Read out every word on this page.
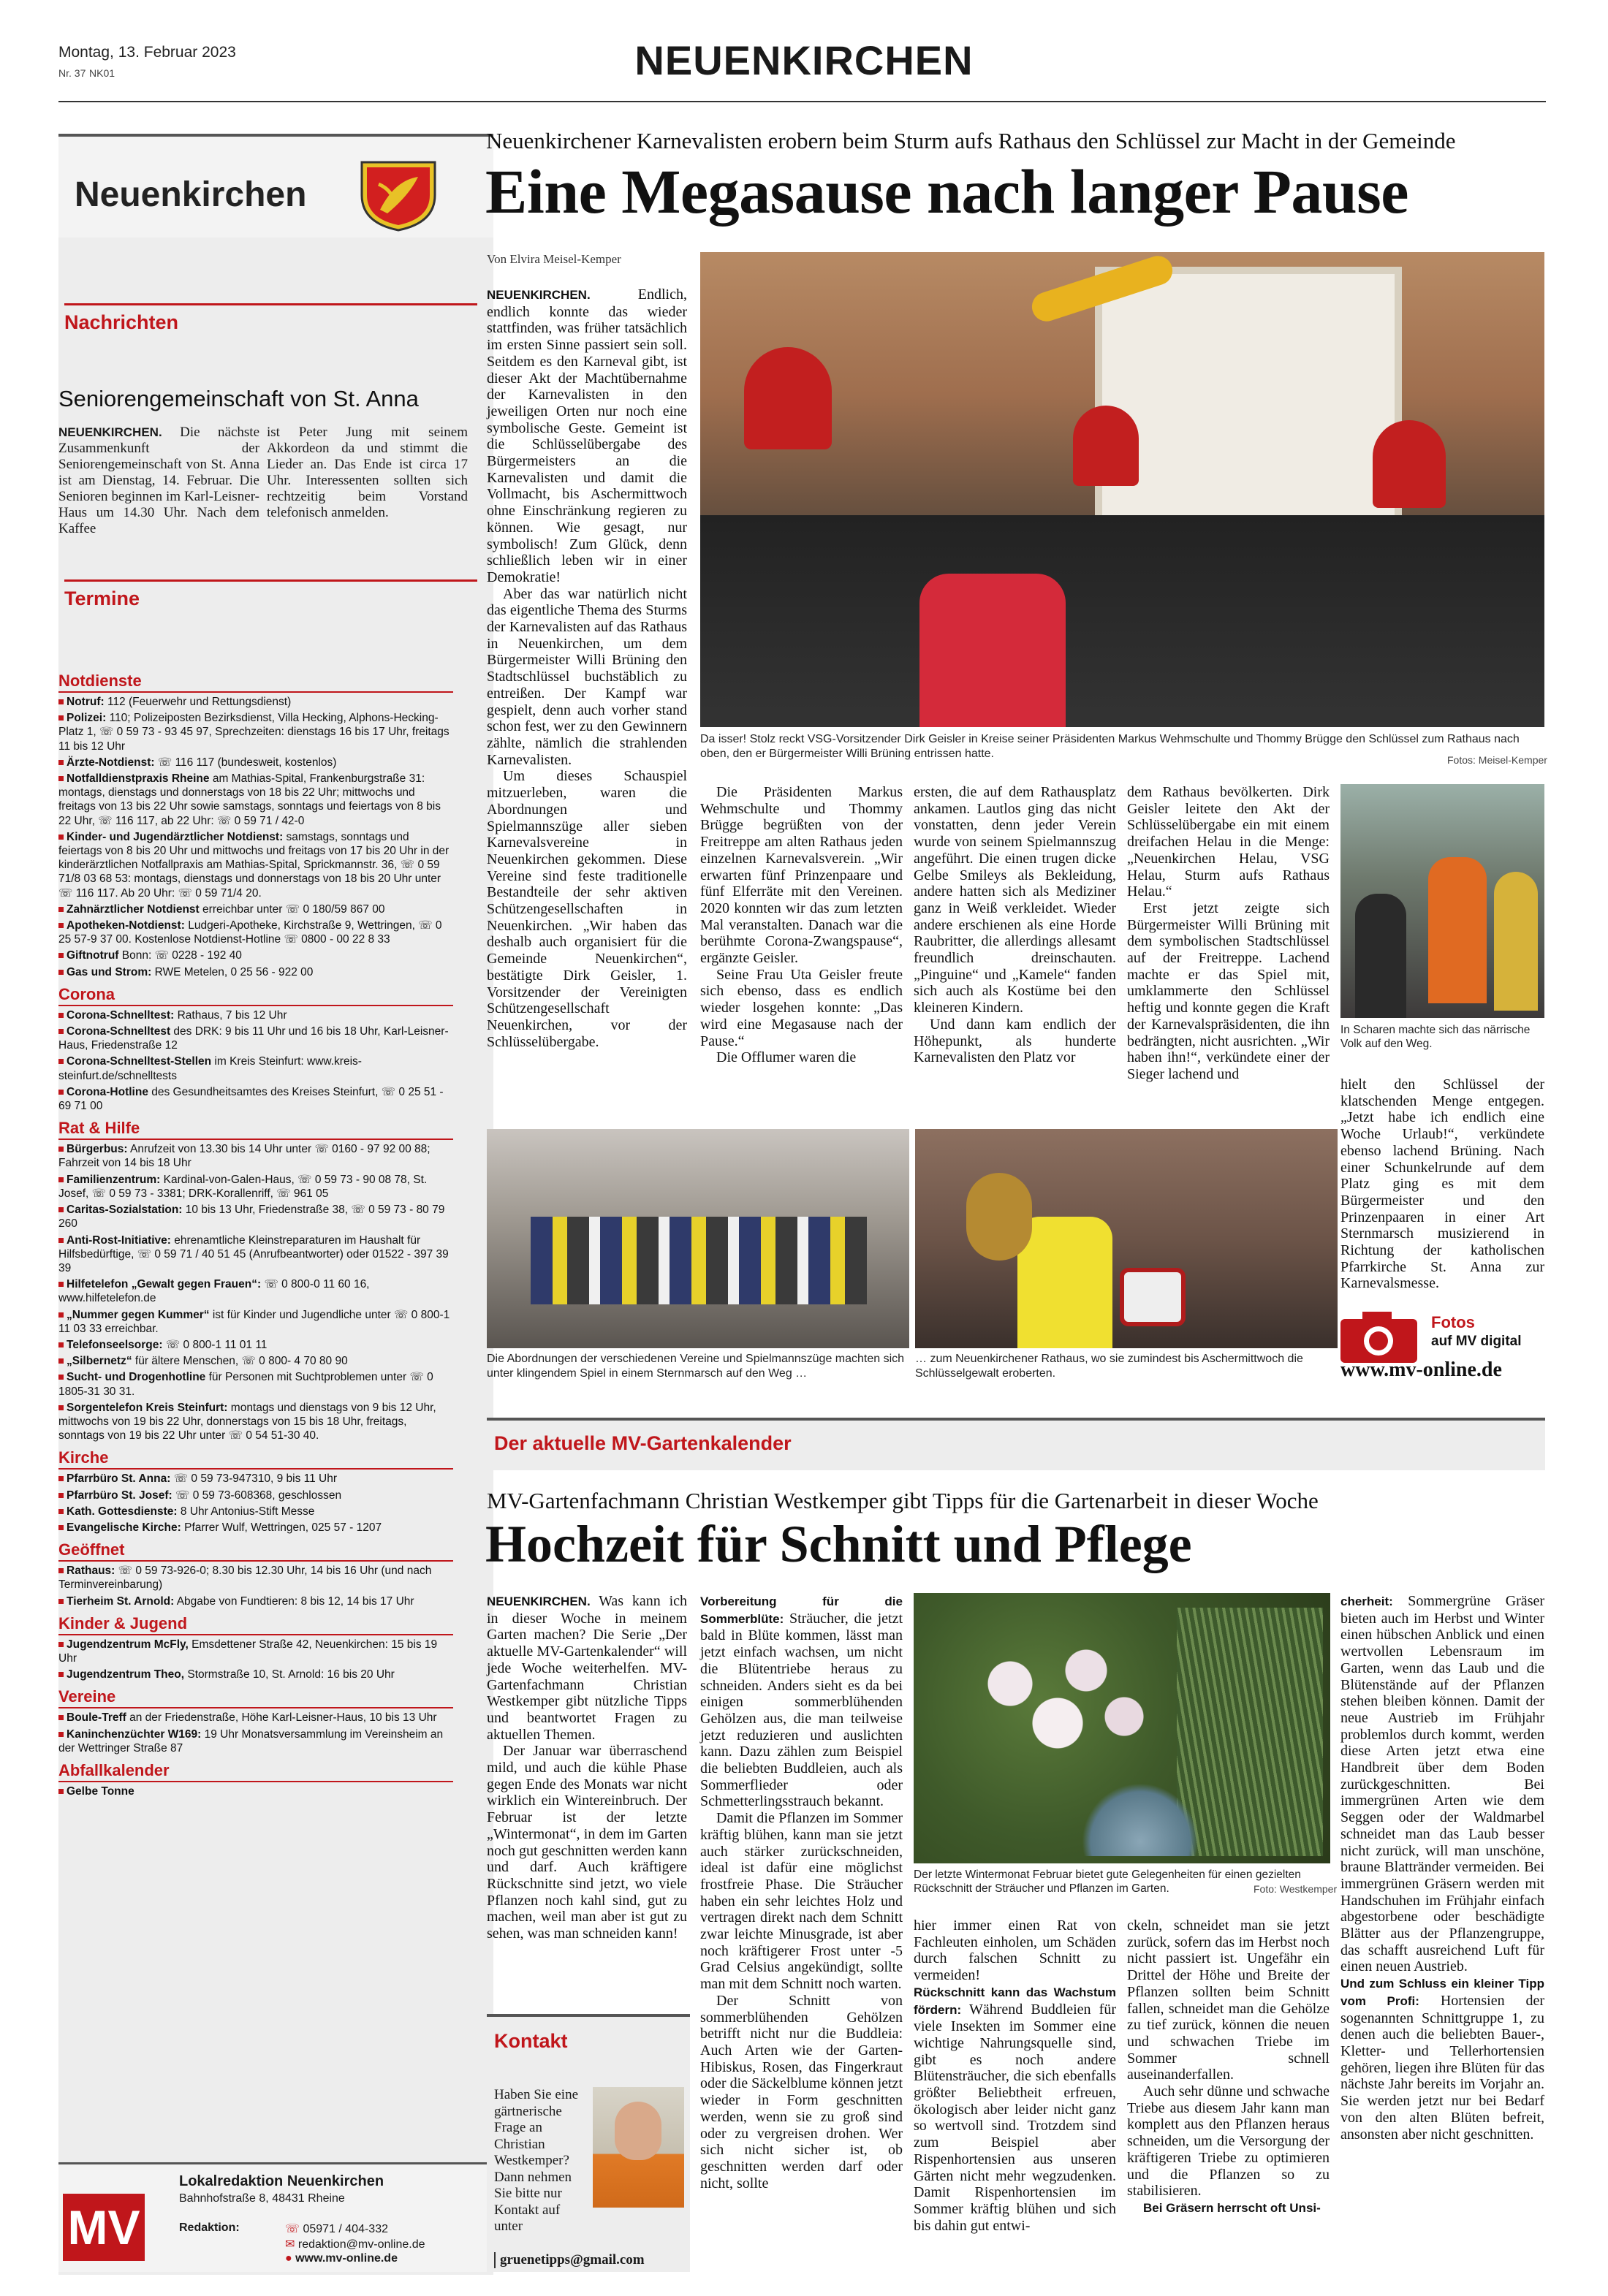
Montag, 13. Februar 2023
Nr. 37 NK01	NEUENKIRCHEN
Neuenkirchen
Nachrichten
Seniorengemeinschaft von St. Anna
NEUENKIRCHEN. Die nächste Zusammenkunft der Seniorengemeinschaft von St. Anna ist am Dienstag, 14. Februar. Die Senioren beginnen im Karl-Leisner-Haus um 14.30 Uhr. Nach dem Kaffee
ist Peter Jung mit seinem Akkordeon da und stimmt die Lieder an. Das Ende ist circa 17 Uhr. Interessenten sollten sich rechtzeitig beim Vorstand telefonisch anmelden.
Termine
Notdienste
Notruf: 112 (Feuerwehr und Rettungsdienst)
Polizei: 110; Polizeiposten Bezirksdienst, Villa Hecking, Alphons-Hecking-Platz 1, ☏ 0 59 73 - 93 45 97, Sprechzeiten: dienstags 16 bis 17 Uhr, freitags 11 bis 12 Uhr
Ärzte-Notdienst: ☏ 116 117 (bundesweit, kostenlos)
Notfalldienstpraxis Rheine am Mathias-Spital, Frankenburgstraße 31: montags, dienstags und donnerstags von 18 bis 22 Uhr; mittwochs und freitags von 13 bis 22 Uhr sowie samstags, sonntags und feiertags von 8 bis 22 Uhr, ☏ 116 117, ab 22 Uhr: ☏ 0 59 71 / 42-0
Kinder- und Jugendärztlicher Notdienst: samstags, sonntags und feiertags von 8 bis 20 Uhr und mittwochs und freitags von 17 bis 20 Uhr in der kinderärztlichen Notfallpraxis am Mathias-Spital, Sprickmannstr. 36, ☏ 0 59 71/8 03 68 53: montags, dienstags und donnerstags von 18 bis 20 Uhr unter ☏ 116 117. Ab 20 Uhr: ☏ 0 59 71/4 20.
Zahnärztlicher Notdienst erreichbar unter ☏ 0 180/59 867 00
Apotheken-Notdienst: Ludgeri-Apotheke, Kirchstraße 9, Wettringen, ☏ 0 25 57-9 37 00. Kostenlose Notdienst-Hotline ☏ 0800 - 00 22 8 33
Giftnotruf Bonn: ☏ 0228 - 192 40
Gas und Strom: RWE Metelen, 0 25 56 - 922 00
Corona
Corona-Schnelltest: Rathaus, 7 bis 12 Uhr
Corona-Schnelltest des DRK: 9 bis 11 Uhr und 16 bis 18 Uhr, Karl-Leisner-Haus, Friedenstraße 12
Corona-Schnelltest-Stellen im Kreis Steinfurt: www.kreis-steinfurt.de/schnelltests
Corona-Hotline des Gesundheitsamtes des Kreises Steinfurt, ☏ 0 25 51 - 69 71 00
Rat & Hilfe
Bürgerbus: Anrufzeit von 13.30 bis 14 Uhr unter ☏ 0160 - 97 92 00 88; Fahrzeit von 14 bis 18 Uhr
Familienzentrum: Kardinal-von-Galen-Haus, ☏ 0 59 73 - 90 08 78, St. Josef, ☏ 0 59 73 - 3381; DRK-Korallenriff, ☏ 961 05
Caritas-Sozialstation: 10 bis 13 Uhr, Friedenstraße 38, ☏ 0 59 73 - 80 79 260
Anti-Rost-Initiative: ehrenamtliche Kleinstreparaturen im Haushalt für Hilfsbedürftige, ☏ 0 59 71 / 40 51 45 (Anrufbeantworter) oder 01522 - 397 39 39
Hilfetelefon „Gewalt gegen Frauen“: ☏ 0 800-0 11 60 16, www.hilfetelefon.de
„Nummer gegen Kummer“ ist für Kinder und Jugendliche unter ☏ 0 800-1 11 03 33 erreichbar.
Telefonseelsorge: ☏ 0 800-1 11 01 11
„Silbernetz“ für ältere Menschen, ☏ 0 800- 4 70 80 90
Sucht- und Drogenhotline für Personen mit Suchtproblemen unter ☏ 0 1805-31 30 31.
Sorgentelefon Kreis Steinfurt: montags und dienstags von 9 bis 12 Uhr, mittwochs von 19 bis 22 Uhr, donnerstags von 15 bis 18 Uhr, freitags, sonntags von 19 bis 22 Uhr unter ☏ 0 54 51-30 40.
Kirche
Pfarrbüro St. Anna: ☏ 0 59 73-947310, 9 bis 11 Uhr
Pfarrbüro St. Josef: ☏ 0 59 73-608368, geschlossen
Kath. Gottesdienste: 8 Uhr Antonius-Stift Messe
Evangelische Kirche: Pfarrer Wulf, Wettringen, 025 57 - 1207
Geöffnet
Rathaus: ☏ 0 59 73-926-0; 8.30 bis 12.30 Uhr, 14 bis 16 Uhr (und nach Terminvereinbarung)
Tierheim St. Arnold: Abgabe von Fundtieren: 8 bis 12, 14 bis 17 Uhr
Kinder & Jugend
Jugendzentrum McFly, Emsdettener Straße 42, Neuenkirchen: 15 bis 19 Uhr
Jugendzentrum Theo, Stormstraße 10, St. Arnold: 16 bis 20 Uhr
Vereine
Boule-Treff an der Friedenstraße, Höhe Karl-Leisner-Haus, 10 bis 13 Uhr
Kaninchenzüchter W169: 19 Uhr Monatsversammlung im Vereinsheim an der Wettringer Straße 87
Abfallkalender
Gelbe Tonne
MV
Lokalredaktion Neuenkirchen
Bahnhofstraße 8, 48431 Rheine
Redaktion:	☏ 05971 / 404-332
✉ redaktion@mv-online.de
● www.mv-online.de
Neuenkirchener Karnevalisten erobern beim Sturm aufs Rathaus den Schlüssel zur Macht in der Gemeinde
Eine Megasause nach langer Pause
Von Elvira Meisel-Kemper

NEUENKIRCHEN.	Endlich, endlich konnte das wieder stattfinden, was früher tatsächlich im ersten Sinne passiert sein soll. Seitdem es den Karneval gibt, ist dieser Akt der Machtübernahme der Karnevalisten in den jeweiligen Orten nur noch eine symbolische Geste. Gemeint ist die Schlüsselübergabe des Bürgermeisters an die Karnevalisten und damit die Vollmacht, bis Aschermittwoch ohne Einschränkung regieren zu können. Wie gesagt, nur symbolisch! Zum Glück, denn schließlich leben wir in einer Demokratie!

Aber das war natürlich nicht das eigentliche Thema des Sturms der Karnevalisten auf das Rathaus in Neuenkirchen, um dem Bürgermeister Willi Brüning den Stadtschlüssel buchstäblich zu entreißen. Der Kampf war gespielt, denn auch vorher stand schon fest, wer zu den Gewinnern zählte, nämlich die strahlenden Karnevalisten.

Um dieses Schauspiel mitzuerleben, waren die Abordnungen und Spielmannszüge aller sieben Karnevalsvereine in Neuenkirchen gekommen. Diese Vereine sind feste traditionelle Bestandteile der sehr aktiven Schützengesellschaften in Neuenkirchen. „Wir haben das deshalb auch organisiert für die Gemeinde Neuenkirchen“, bestätigte Dirk Geisler, 1. Vorsitzender der Vereinigten Schützengesellschaft Neuenkirchen, vor der Schlüsselübergabe.

Da isser! Stolz reckt VSG-Vorsitzender Dirk Geisler in Kreise seiner Präsidenten Markus Wehmschulte und Thommy Brügge den Schlüssel zum Rathaus nach oben, den er Bürgermeister Willi Brüning entrissen hatte.	Fotos: Meisel-Kemper

Die Präsidenten Markus Wehmschulte und Thommy Brügge begrüßten von der Freitreppe am alten Rathaus jeden einzelnen Karnevalsverein. „Wir erwarten fünf Prinzenpaare und fünf Elferräte mit den Vereinen. 2020 konnten wir das zum letzten Mal veranstalten. Danach war die berühmte Corona-Zwangspause“, ergänzte Geisler.

Seine Frau Uta Geisler freute sich ebenso, dass es endlich wieder losgehen konnte: „Das wird eine Megasause nach der Pause.“

Die Offlumer waren die

ersten, die auf dem Rathausplatz ankamen. Lautlos ging das nicht vonstatten, denn jeder Verein wurde von seinem Spielmannszug angeführt. Die einen trugen dicke Gelbe Smileys als Bekleidung, andere hatten sich als Mediziner ganz in Weiß verkleidet. Wieder andere erschienen als eine Horde Raubritter, die allerdings allesamt freundlich dreinschauten. „Pinguine“ und „Kamele“ fanden sich auch als Kostüme bei den kleineren Kindern.

Und dann kam endlich der Höhepunkt, als hunderte Karnevalisten den Platz vor

dem Rathaus bevölkerten. Dirk Geisler leitete den Akt der Schlüsselübergabe ein mit einem dreifachen Helau in die Menge: „Neuenkirchen Helau, VSG Helau, Sturm aufs Rathaus Helau.“

Erst jetzt zeigte sich Bürgermeister Willi Brüning mit dem symbolischen Stadtschlüssel auf der Freitreppe. Lachend machte er das Spiel mit, umklammerte den Schlüssel heftig und konnte gegen die Kraft der Karnevalspräsidenten, die ihn bedrängten, nicht ausrichten. „Wir haben ihn!“, verkündete einer der Sieger lachend und

In Scharen machte sich das närrische Volk auf den Weg.

hielt den Schlüssel der klatschenden Menge entgegen. „Jetzt habe ich endlich eine Woche Urlaub!“, verkündete ebenso lachend Brüning. Nach einer Schunkelrunde auf dem Platz ging es mit dem Bürgermeister und den Prinzenpaaren in einer Art Sternmarsch musizierend in Richtung der katholischen Pfarrkirche St. Anna zur Karnevalsmesse.

Die Abordnungen der verschiedenen Vereine und Spielmannszüge machten sich unter klingendem Spiel in einem Sternmarsch auf den Weg …
… zum Neuenkirchener Rathaus, wo sie zumindest bis Aschermittwoch die Schlüsselgewalt eroberten.
Fotos
auf MV digital
www.mv-online.de
Der aktuelle MV-Gartenkalender
MV-Gartenfachmann Christian Westkemper gibt Tipps für die Gartenarbeit in dieser Woche
Hochzeit für Schnitt und Pflege

NEUENKIRCHEN. Was kann ich in dieser Woche in meinem Garten machen? Die Serie „Der aktuelle MV-Gartenkalender“ will jede Woche weiterhelfen. MV-Gartenfachmann Christian Westkemper gibt nützliche Tipps und beantwortet Fragen zu aktuellen Themen.

Der Januar war überraschend mild, und auch die kühle Phase gegen Ende des Monats war nicht wirklich ein Wintereinbruch. Der Februar ist der letzte „Wintermonat“, in dem im Garten noch gut geschnitten werden kann und darf. Auch kräftigere Rückschnitte sind jetzt, wo viele Pflanzen noch kahl sind, gut zu machen, weil man aber ist gut zu sehen, was man schneiden kann!

Vorbereitung für die Sommerblüte: Sträucher, die jetzt bald in Blüte kommen, lässt man jetzt einfach wachsen, um nicht die Blütentriebe heraus zu schneiden. Anders sieht es da bei einigen sommerblühenden Gehölzen aus, die man teilweise jetzt reduzieren und auslichten kann. Dazu zählen zum Beispiel die beliebten Buddleien, auch als Sommerflieder oder Schmetterlingsstrauch bekannt.

Damit die Pflanzen im Sommer kräftig blühen, kann man sie jetzt auch stärker zurückschneiden, ideal ist dafür eine möglichst frostfreie Phase. Die Sträucher haben ein sehr leichtes Holz und vertragen direkt nach dem Schnitt zwar leichte Minusgrade, ist aber noch kräftigerer Frost unter -5 Grad Celsius angekündigt, sollte man mit dem Schnitt noch warten.

Der Schnitt von sommerblühenden Gehölzen betrifft nicht nur die Buddleia: Auch Arten wie der Garten-Hibiskus, Rosen, das Fingerkraut oder die Säckelblume können jetzt wieder in Form geschnitten werden, wenn sie zu groß sind oder zu vergreisen drohen. Wer sich nicht sicher ist, ob geschnitten werden darf oder nicht, sollte

Der letzte Wintermonat Februar bietet gute Gelegenheiten für einen gezielten Rückschnitt der Sträucher und Pflanzen im Garten.	Foto: Westkemper

hier immer einen Rat von Fachleuten einholen, um Schäden durch falschen Schnitt zu vermeiden!

Rückschnitt kann das Wachstum fördern: Während Buddleien für viele Insekten im Sommer eine wichtige Nahrungsquelle sind, gibt es noch andere Blütensträucher, die sich ebenfalls größter Beliebtheit erfreuen, ökologisch aber leider nicht ganz so wertvoll sind. Trotzdem sind zum Beispiel aber Rispenhortensien aus unseren Gärten nicht mehr wegzudenken. Damit Rispenhortensien im Sommer kräftig blühen und sich bis dahin gut entwi-

ckeln, schneidet man sie jetzt zurück, sofern das im Herbst noch nicht passiert ist. Ungefähr ein Drittel der Höhe und Breite der Pflanzen sollten beim Schnitt fallen, schneidet man die Gehölze zu tief zurück, können die neuen und schwachen Triebe im Sommer schnell auseinanderfallen.

Auch sehr dünne und schwache Triebe aus diesem Jahr kann man komplett aus den Pflanzen heraus schneiden, um die Versorgung der kräftigeren Triebe zu optimieren und die Pflanzen so zu stabilisieren.

Bei Gräsern herrscht oft Unsi-

cherheit: Sommergrüne Gräser bieten auch im Herbst und Winter einen hübschen Anblick und einen wertvollen Lebensraum im Garten, wenn das Laub und die Blütenstände auf der Pflanzen stehen bleiben können. Damit der neue Austrieb im Frühjahr problemlos durch kommt, werden diese Arten jetzt etwa eine Handbreit über dem Boden zurückgeschnitten. Bei immergrünen Arten wie dem Seggen oder der Waldmarbel schneidet man das Laub besser nicht zurück, will man unschöne, braune Blattränder vermeiden. Bei immergrünen Gräsern werden mit Handschuhen im Frühjahr einfach abgestorbene oder beschädigte Blätter aus der Pflanzengruppe, das schafft ausreichend Luft für einen neuen Austrieb.

Und zum Schluss ein kleiner Tipp vom Profi: Hortensien der sogenannten Schnittgruppe 1, zu denen auch die beliebten Bauer-, Kletter- und Tellerhortensien gehören, liegen ihre Blüten für das nächste Jahr bereits im Vorjahr an. Sie werden jetzt nur bei Bedarf von den alten Blüten befreit, ansonsten aber nicht geschnitten.

Kontakt
Haben Sie eine gärtnerische Frage an Christian Westkemper? Dann nehmen Sie bitte nur Kontakt auf unter
gruenetipps@gmail.com
